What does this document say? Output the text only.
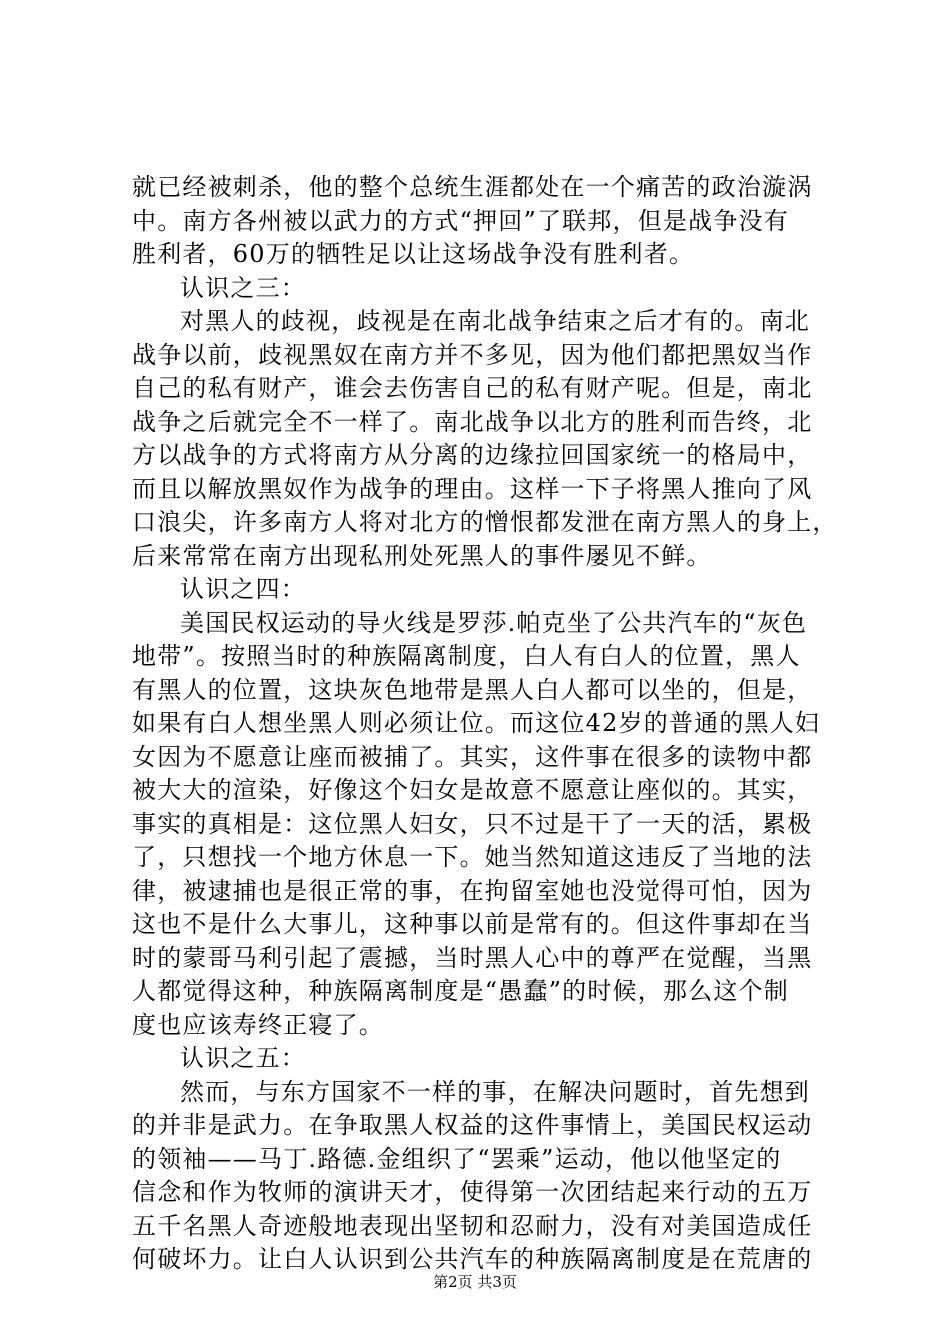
就已经被刺杀，他的整个总统生涯都处在一个痛苦的政治漩涡
中。南方各州被以武力的方式“押回”了联邦，但是战争没有
胜利者，60万的牺牲足以让这场战争没有胜利者。
认识之三：
对黑人的歧视，歧视是在南北战争结束之后才有的。南北
战争以前，歧视黑奴在南方并不多见，因为他们都把黑奴当作
自己的私有财产，谁会去伤害自己的私有财产呢。但是，南北
战争之后就完全不一样了。南北战争以北方的胜利而告终，北
方以战争的方式将南方从分离的边缘拉回国家统一的格局中，
而且以解放黑奴作为战争的理由。这样一下子将黑人推向了风
口浪尖，许多南方人将对北方的憎恨都发泄在南方黑人的身上，
后来常常在南方出现私刑处死黑人的事件屡见不鲜。
认识之四：
美国民权运动的导火线是罗莎.帕克坐了公共汽车的“灰色
地带”。按照当时的种族隔离制度，白人有白人的位置，黑人
有黑人的位置，这块灰色地带是黑人白人都可以坐的，但是，
如果有白人想坐黑人则必须让位。而这位42岁的普通的黑人妇
女因为不愿意让座而被捕了。其实，这件事在很多的读物中都
被大大的渲染，好像这个妇女是故意不愿意让座似的。其实，
事实的真相是：这位黑人妇女，只不过是干了一天的活，累极
了，只想找一个地方休息一下。她当然知道这违反了当地的法
律，被逮捕也是很正常的事，在拘留室她也没觉得可怕，因为
这也不是什么大事儿，这种事以前是常有的。但这件事却在当
时的蒙哥马利引起了震撼，当时黑人心中的尊严在觉醒，当黑
人都觉得这种，种族隔离制度是“愚蠢”的时候，那么这个制
度也应该寿终正寝了。
认识之五：
然而，与东方国家不一样的事，在解决问题时，首先想到
的并非是武力。在争取黑人权益的这件事情上，美国民权运动
的领袖——马丁.路德.金组织了“罢乘”运动，他以他坚定的
信念和作为牧师的演讲天才，使得第一次团结起来行动的五万
五千名黑人奇迹般地表现出坚韧和忍耐力，没有对美国造成任
何破坏力。让白人认识到公共汽车的种族隔离制度是在荒唐的
第2页 共3页
